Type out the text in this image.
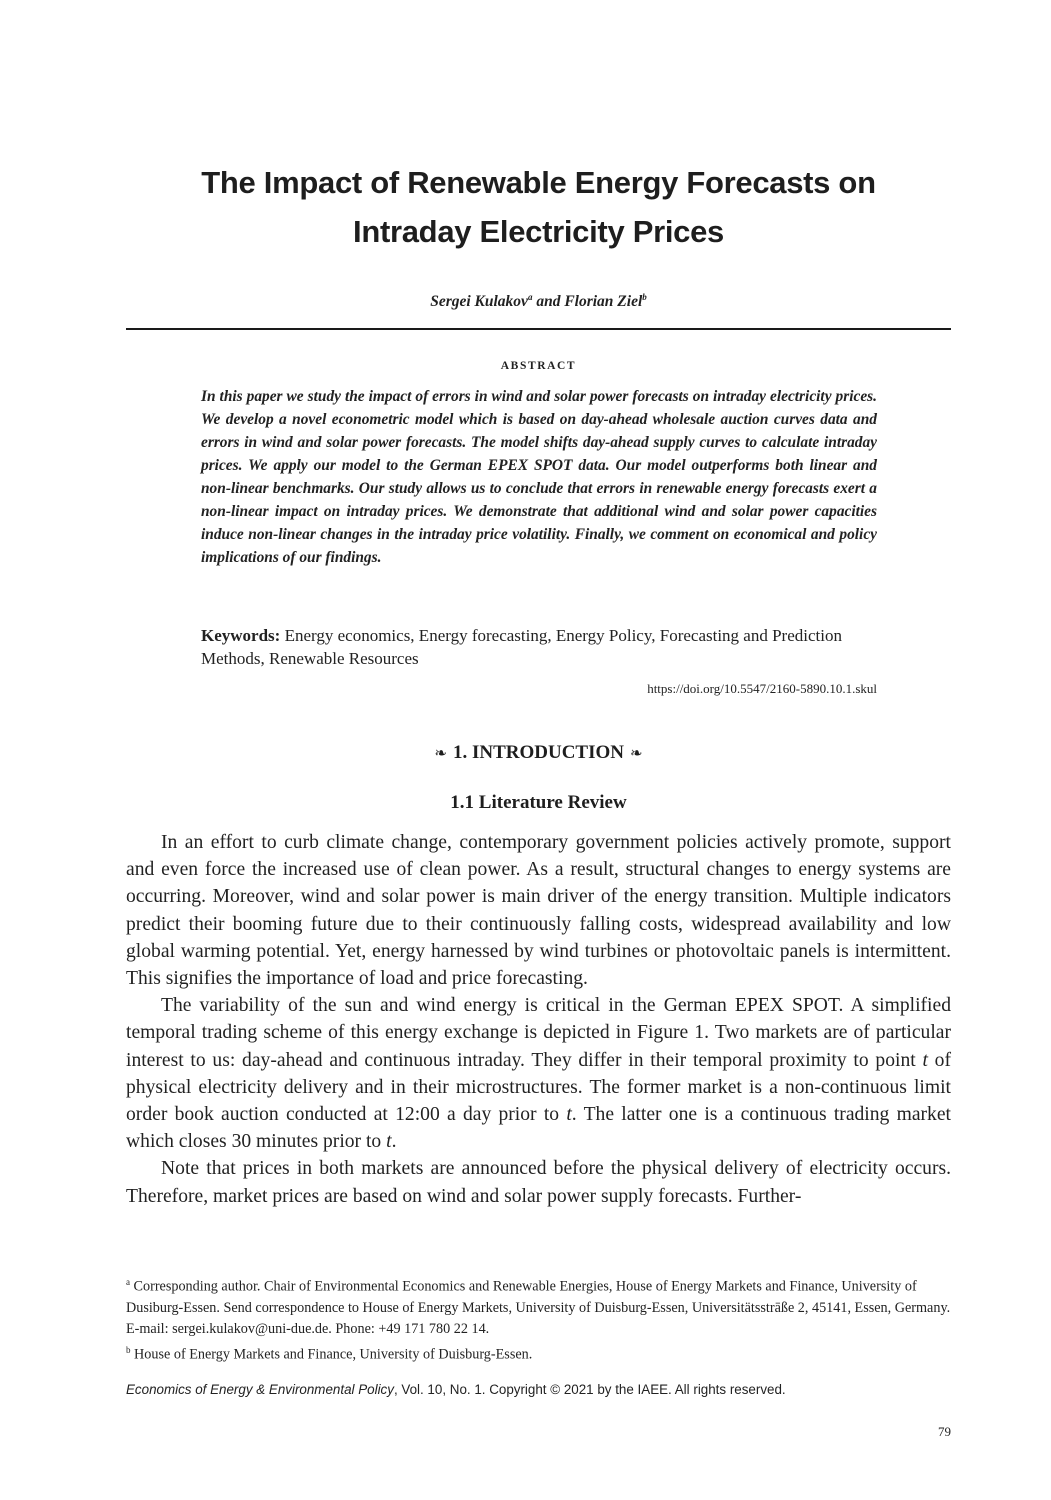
The Impact of Renewable Energy Forecasts on
Intraday Electricity Prices
Sergei Kulakov$^a$ and Florian Ziel$^b$
ABSTRACT
In this paper we study the impact of errors in wind and solar power forecasts on intraday electricity prices. We develop a novel econometric model which is based on day-ahead wholesale auction curves data and errors in wind and solar power forecasts. The model shifts day-ahead supply curves to calculate intraday prices. We apply our model to the German EPEX SPOT data. Our model outperforms both linear and non-linear benchmarks. Our study allows us to conclude that errors in renewable energy forecasts exert a non-linear impact on intraday prices. We demonstrate that additional wind and solar power capacities induce non-linear changes in the intraday price volatility. Finally, we comment on economical and policy implications of our findings.
Keywords: Energy economics, Energy forecasting, Energy Policy, Forecasting and Prediction Methods, Renewable Resources
https://doi.org/10.5547/2160-5890.10.1.skul
❧ 1. INTRODUCTION ❧
1.1 Literature Review

In an effort to curb climate change, contemporary government policies actively promote, support and even force the increased use of clean power. As a result, structural changes to energy systems are occurring. Moreover, wind and solar power is main driver of the energy transition. Multiple indicators predict their booming future due to their continuously falling costs, widespread availability and low global warming potential. Yet, energy harnessed by wind turbines or photovoltaic panels is intermittent. This signifies the importance of load and price forecasting.

The variability of the sun and wind energy is critical in the German EPEX SPOT. A simplified temporal trading scheme of this energy exchange is depicted in Figure 1. Two markets are of particular interest to us: day-ahead and continuous intraday. They differ in their temporal proximity to point t of physical electricity delivery and in their microstructures. The former market is a non-continuous limit order book auction conducted at 12:00 a day prior to t. The latter one is a continuous trading market which closes 30 minutes prior to t.

Note that prices in both markets are announced before the physical delivery of electricity occurs. Therefore, market prices are based on wind and solar power supply forecasts. Further-

$^a$ Corresponding author. Chair of Environmental Economics and Renewable Energies, House of Energy Markets and Finance, University of Dusiburg-Essen. Send correspondence to House of Energy Markets, University of Duisburg-Essen, Universitätsstrāße 2, 45141, Essen, Germany. E-mail: sergei.kulakov@uni-due.de. Phone: +49 171 780 22 14.

$^b$ House of Energy Markets and Finance, University of Duisburg-Essen.

Economics of Energy & Environmental Policy, Vol. 10, No. 1. Copyright © 2021 by the IAEE. All rights reserved.
79
